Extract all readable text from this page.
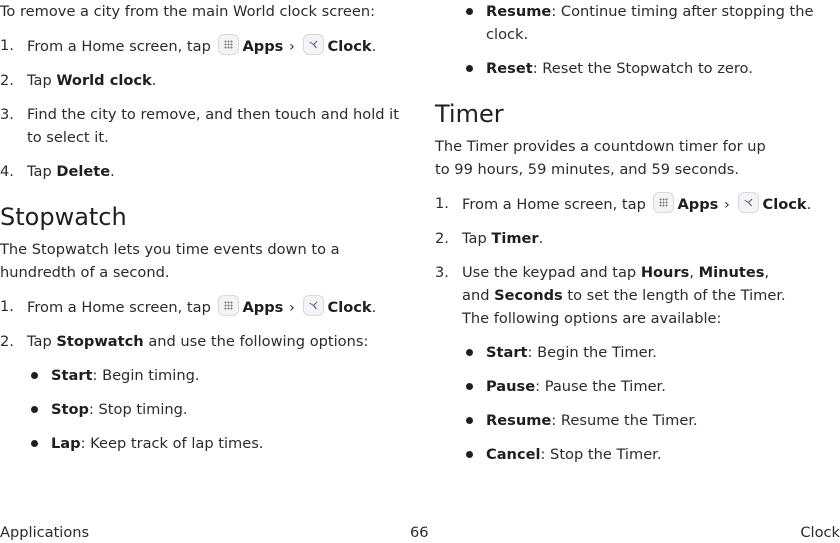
To remove a city from the main World clock screen:

1. From a Home screen, tap Apps › Clock.
2. Tap World clock.
3. Find the city to remove, and then touch and hold it to select it.
4. Tap Delete.
Stopwatch

The Stopwatch lets you time events down to a hundredth of a second.

1. From a Home screen, tap Apps › Clock.
2. Tap Stopwatch and use the following options:
Start: Begin timing.
Stop: Stop timing.
Lap: Keep track of lap times.
Resume: Continue timing after stopping the clock.
Reset: Reset the Stopwatch to zero.
Timer

The Timer provides a countdown timer for up to 99 hours, 59 minutes, and 59 seconds.

1. From a Home screen, tap Apps › Clock.
2. Tap Timer.
3. Use the keypad and tap Hours, Minutes, and Seconds to set the length of the Timer. The following options are available:
Start: Begin the Timer.
Pause: Pause the Timer.
Resume: Resume the Timer.
Cancel: Stop the Timer.
Applications	66	Clock
